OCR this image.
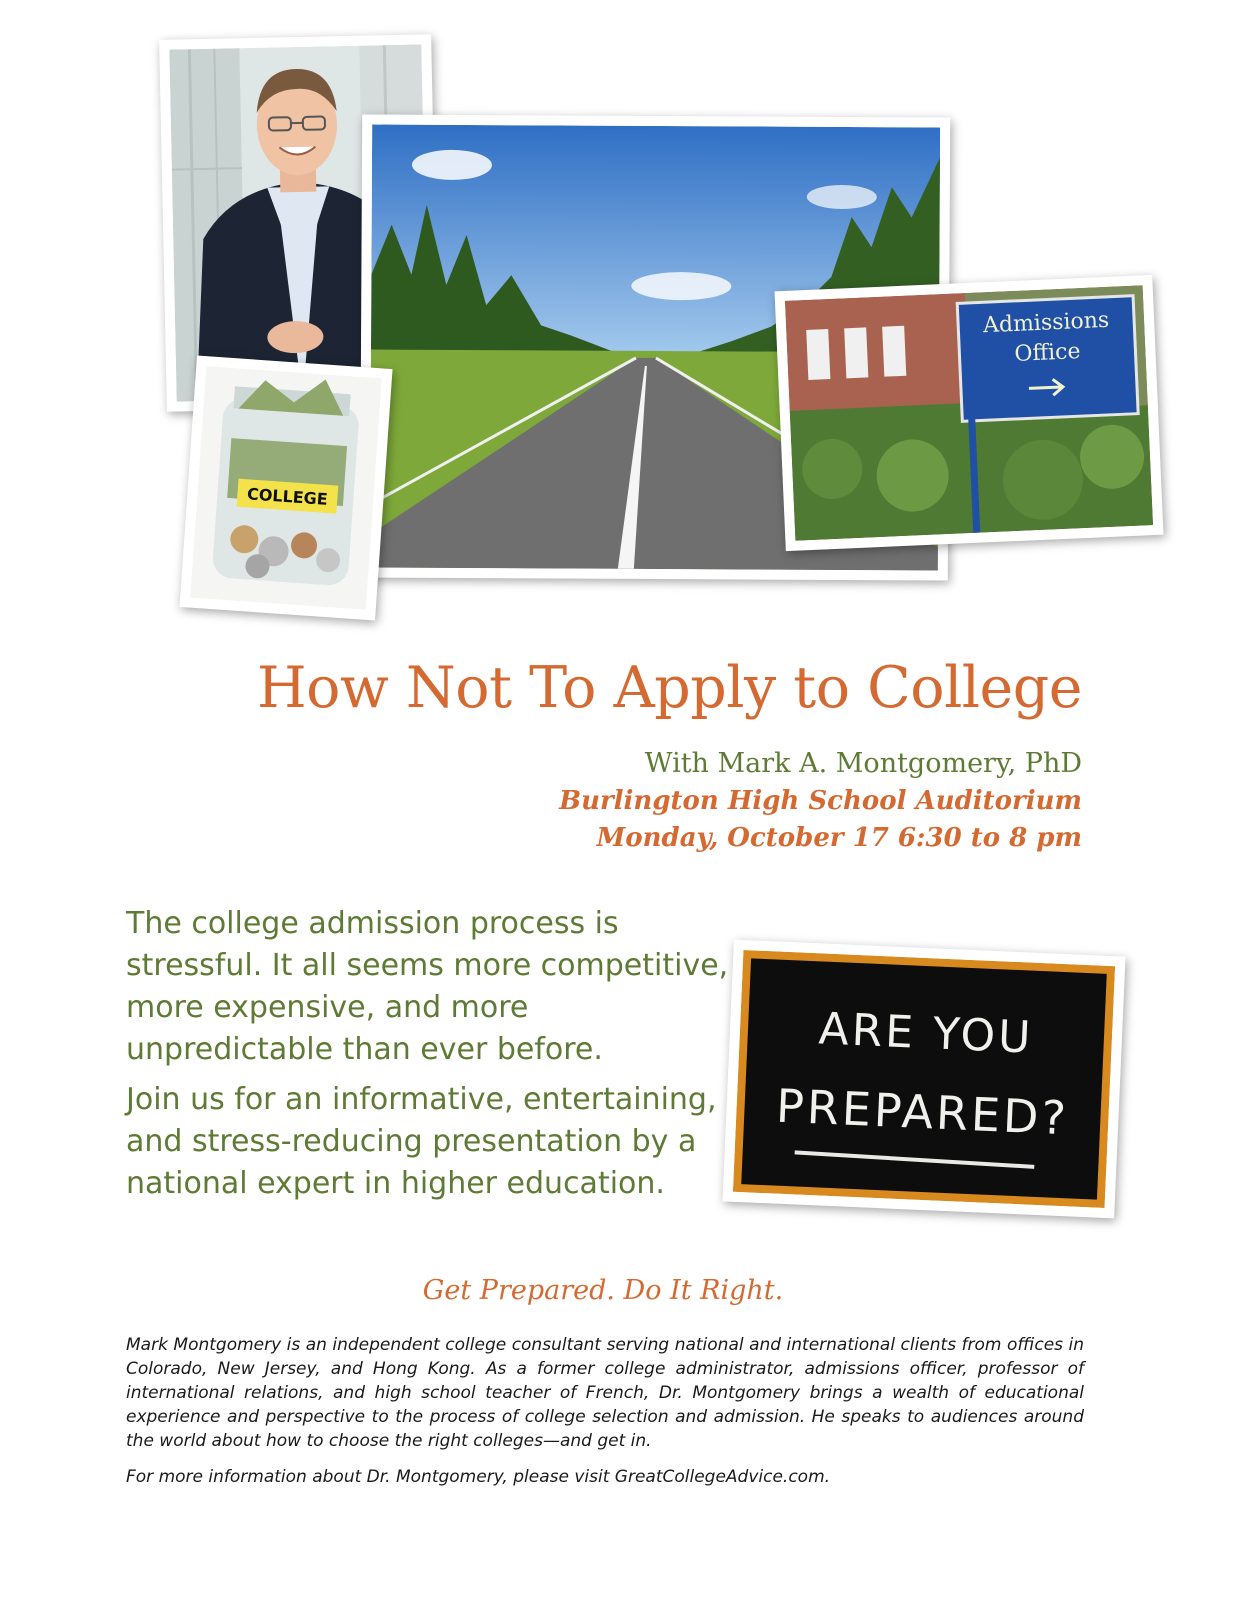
COLLEGE
Admissions
Office
ARE YOU
PREPARED?
How Not To Apply to College
With Mark A. Montgomery, PhD
Burlington High School Auditorium
Monday, October 17 6:30 to 8 pm

The college admission process is stressful. It all seems more competitive, more expensive, and more unpredictable than ever before.

Join us for an informative, entertaining, and stress-reducing presentation by a national expert in higher education.

Get Prepared. Do It Right.

Mark Montgomery is an independent college consultant serving national and international clients from offices in Colorado, New Jersey, and Hong Kong. As a former college administrator, admissions officer, professor of international relations, and high school teacher of French, Dr. Montgomery brings a wealth of educational experience and perspective to the process of college selection and admission. He speaks to audiences around the world about how to choose the right colleges—and get in.

For more information about Dr. Montgomery, please visit GreatCollegeAdvice.com.
